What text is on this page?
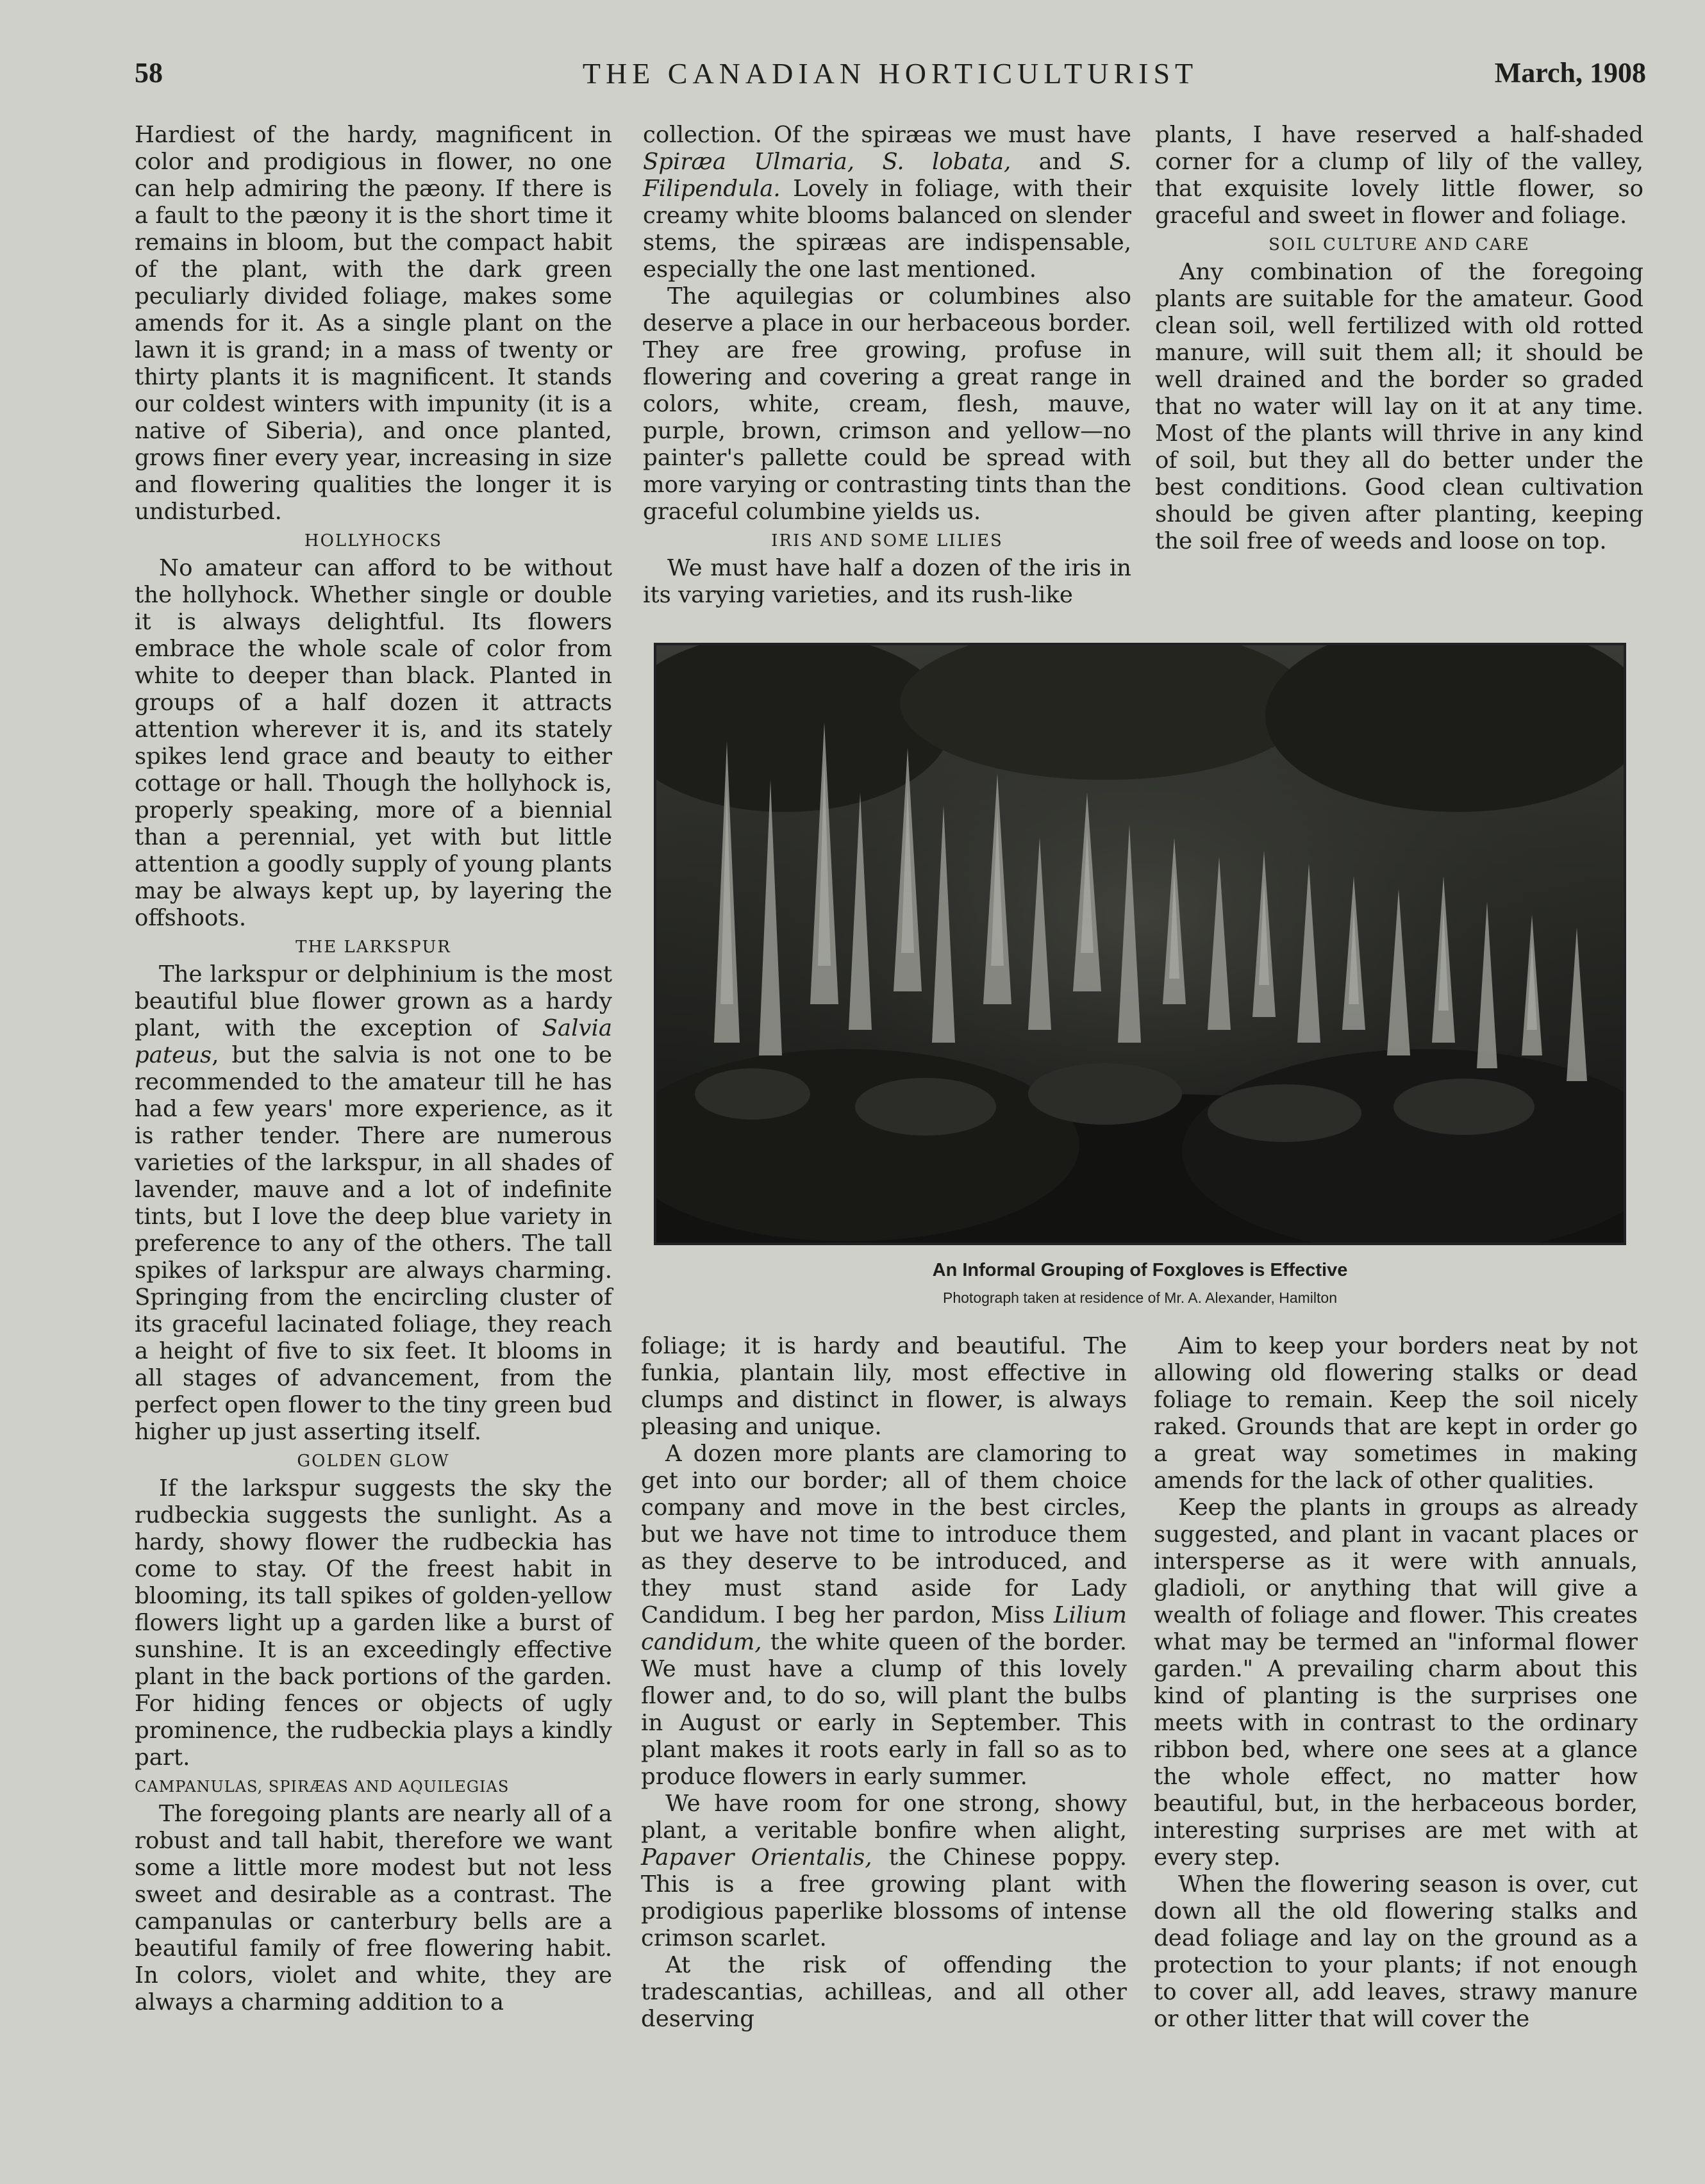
58	THE CANADIAN HORTICULTURIST	March, 1908

Hardiest of the hardy, magnificent in color and prodigious in flower, no one can help admiring the pæony. If there is a fault to the pæony it is the short time it remains in bloom, but the compact habit of the plant, with the dark green peculiarly divided foliage, makes some amends for it. As a single plant on the lawn it is grand; in a mass of twenty or thirty plants it is magnificent. It stands our coldest winters with impunity (it is a native of Siberia), and once planted, grows finer every year, increasing in size and flowering qualities the longer it is undisturbed.

HOLLYHOCKS

No amateur can afford to be without the hollyhock. Whether single or double it is always delightful. Its flowers embrace the whole scale of color from white to deeper than black. Planted in groups of a half dozen it attracts attention wherever it is, and its stately spikes lend grace and beauty to either cottage or hall. Though the hollyhock is, properly speaking, more of a biennial than a perennial, yet with but little attention a goodly supply of young plants may be always kept up, by layering the offshoots.

THE LARKSPUR

The larkspur or delphinium is the most beautiful blue flower grown as a hardy plant, with the exception of Salvia pateus, but the salvia is not one to be recommended to the amateur till he has had a few years' more experience, as it is rather tender. There are numerous varieties of the larkspur, in all shades of lavender, mauve and a lot of indefinite tints, but I love the deep blue variety in preference to any of the others. The tall spikes of larkspur are always charming. Springing from the encircling cluster of its graceful lacinated foliage, they reach a height of five to six feet. It blooms in all stages of advancement, from the perfect open flower to the tiny green bud higher up just asserting itself.

GOLDEN GLOW

If the larkspur suggests the sky the rudbeckia suggests the sunlight. As a hardy, showy flower the rudbeckia has come to stay. Of the freest habit in blooming, its tall spikes of golden-yellow flowers light up a garden like a burst of sunshine. It is an exceedingly effective plant in the back portions of the garden. For hiding fences or objects of ugly prominence, the rudbeckia plays a kindly part.

CAMPANULAS, SPIRÆAS AND AQUILEGIAS

The foregoing plants are nearly all of a robust and tall habit, therefore we want some a little more modest but not less sweet and desirable as a contrast. The campanulas or canterbury bells are a beautiful family of free flowering habit. In colors, violet and white, they are always a charming addition to a

collection. Of the spiræas we must have Spiræa Ulmaria, S. lobata, and S. Filipendula. Lovely in foliage, with their creamy white blooms balanced on slender stems, the spiræas are indispensable, especially the one last mentioned.

The aquilegias or columbines also deserve a place in our herbaceous border. They are free growing, profuse in flowering and covering a great range in colors, white, cream, flesh, mauve, purple, brown, crimson and yellow—no painter's pallette could be spread with more varying or contrasting tints than the graceful columbine yields us.

IRIS AND SOME LILIES

We must have half a dozen of the iris in its varying varieties, and its rush-like

plants, I have reserved a half-shaded corner for a clump of lily of the valley, that exquisite lovely little flower, so graceful and sweet in flower and foliage.

SOIL CULTURE AND CARE

Any combination of the foregoing plants are suitable for the amateur. Good clean soil, well fertilized with old rotted manure, will suit them all; it should be well drained and the border so graded that no water will lay on it at any time. Most of the plants will thrive in any kind of soil, but they all do better under the best conditions. Good clean cultivation should be given after planting, keeping the soil free of weeds and loose on top.

An Informal Grouping of Foxgloves is Effective
Photograph taken at residence of Mr. A. Alexander, Hamilton

foliage; it is hardy and beautiful. The funkia, plantain lily, most effective in clumps and distinct in flower, is always pleasing and unique.

A dozen more plants are clamoring to get into our border; all of them choice company and move in the best circles, but we have not time to introduce them as they deserve to be introduced, and they must stand aside for Lady Candidum. I beg her pardon, Miss Lilium candidum, the white queen of the border. We must have a clump of this lovely flower and, to do so, will plant the bulbs in August or early in September. This plant makes it roots early in fall so as to produce flowers in early summer.

We have room for one strong, showy plant, a veritable bonfire when alight, Papaver Orientalis, the Chinese poppy. This is a free growing plant with prodigious paperlike blossoms of intense crimson scarlet.

At the risk of offending the tradescantias, achilleas, and all other deserving

Aim to keep your borders neat by not allowing old flowering stalks or dead foliage to remain. Keep the soil nicely raked. Grounds that are kept in order go a great way sometimes in making amends for the lack of other qualities.

Keep the plants in groups as already suggested, and plant in vacant places or intersperse as it were with annuals, gladioli, or anything that will give a wealth of foliage and flower. This creates what may be termed an "informal flower garden." A prevailing charm about this kind of planting is the surprises one meets with in contrast to the ordinary ribbon bed, where one sees at a glance the whole effect, no matter how beautiful, but, in the herbaceous border, interesting surprises are met with at every step.

When the flowering season is over, cut down all the old flowering stalks and dead foliage and lay on the ground as a protection to your plants; if not enough to cover all, add leaves, strawy manure or other litter that will cover the
